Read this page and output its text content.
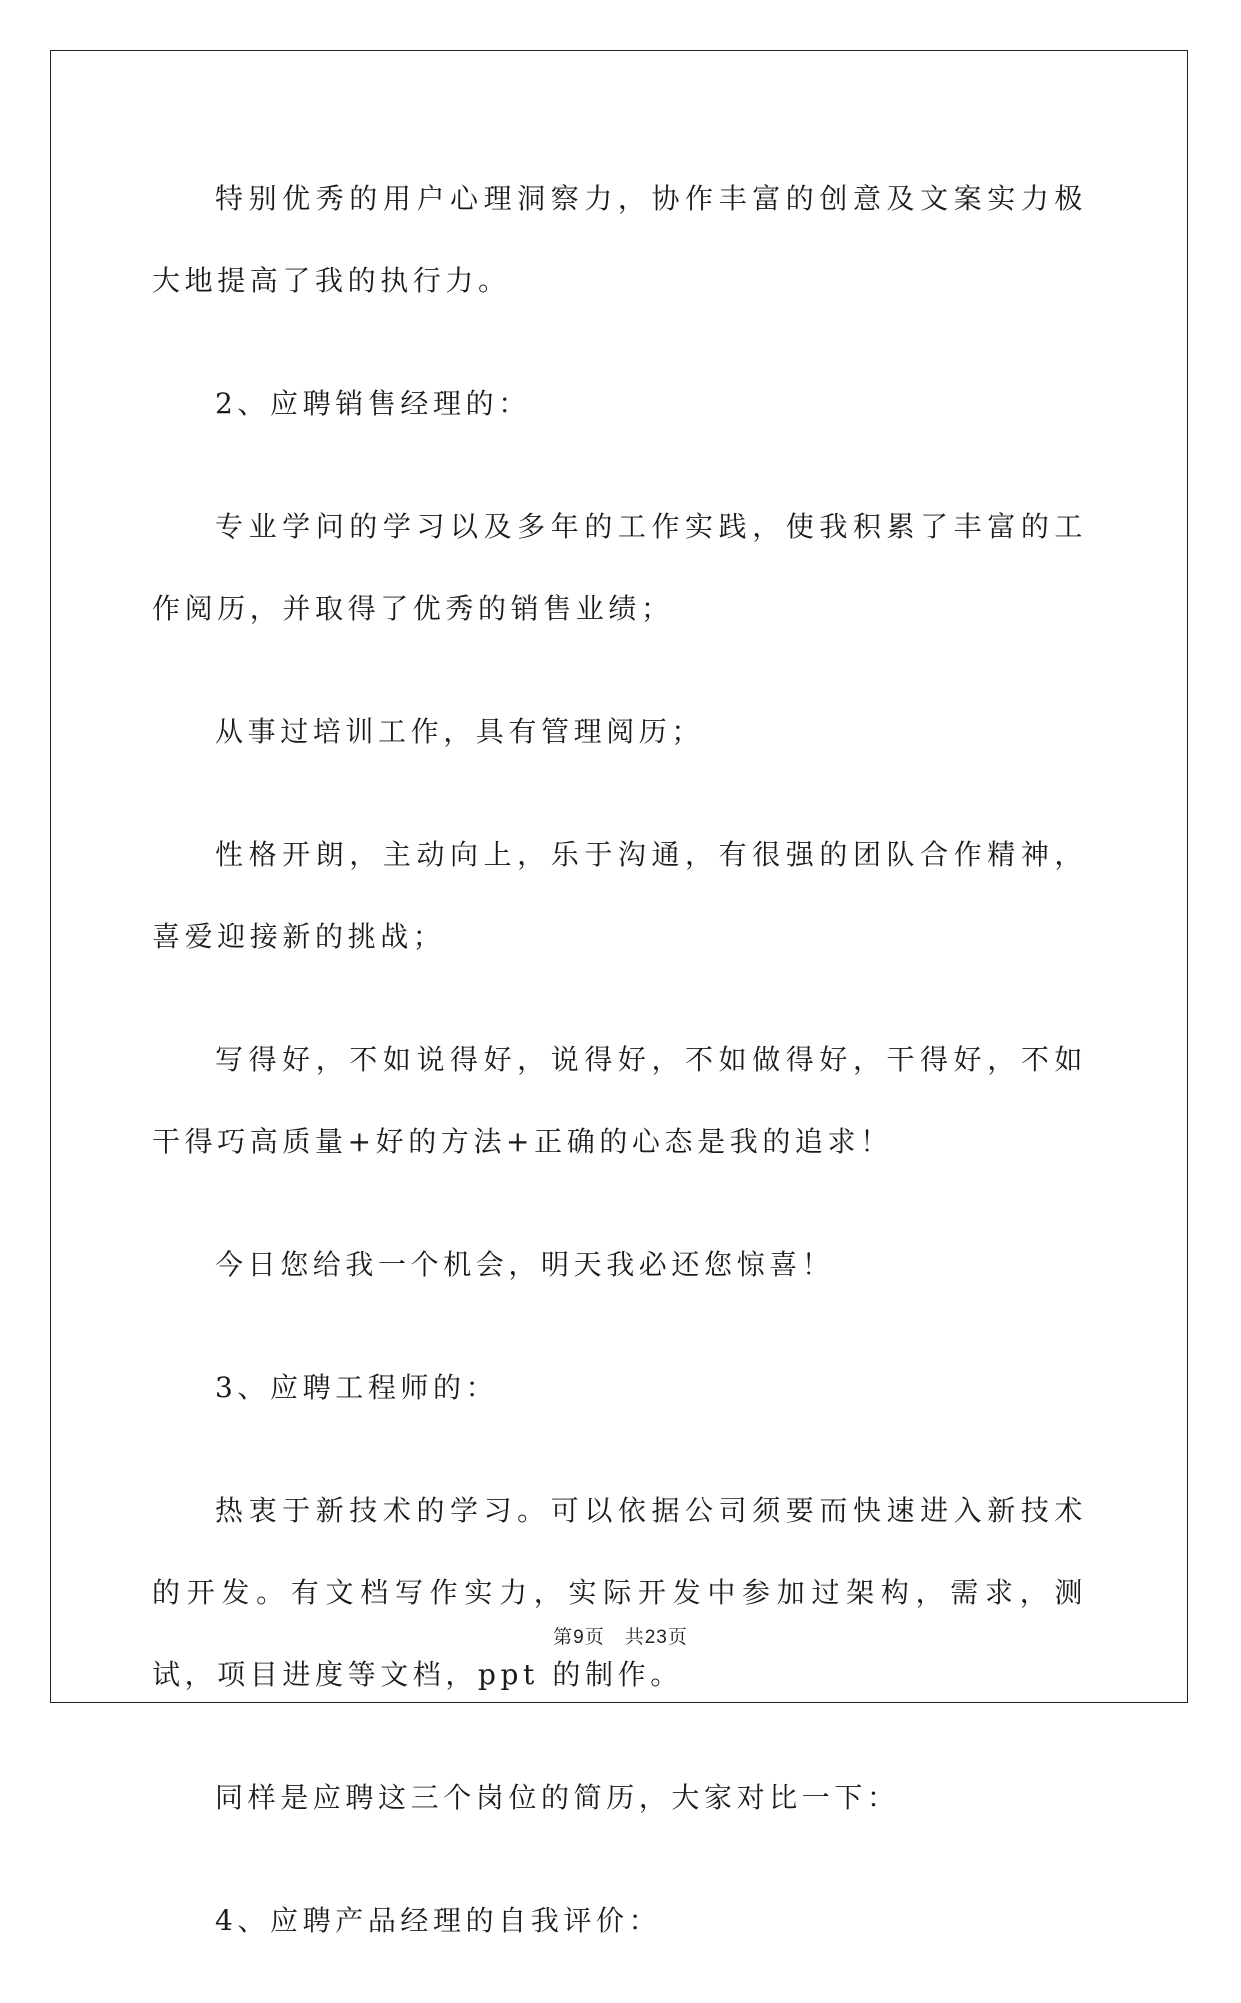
特别优秀的用户心理洞察力，协作丰富的创意及文案实力极大地提高了我的执行力。

2、应聘销售经理的：

专业学问的学习以及多年的工作实践，使我积累了丰富的工作阅历，并取得了优秀的销售业绩；

从事过培训工作，具有管理阅历；

性格开朗，主动向上，乐于沟通，有很强的团队合作精神，喜爱迎接新的挑战；

写得好，不如说得好，说得好，不如做得好，干得好，不如干得巧高质量+好的方法+正确的心态是我的追求！

今日您给我一个机会，明天我必还您惊喜！

3、应聘工程师的：

热衷于新技术的学习。可以依据公司须要而快速进入新技术的开发。有文档写作实力，实际开发中参加过架构，需求，测试，项目进度等文档，ppt 的制作。

同样是应聘这三个岗位的简历，大家对比一下：

4、应聘产品经理的自我评价：

第9页　共23页
